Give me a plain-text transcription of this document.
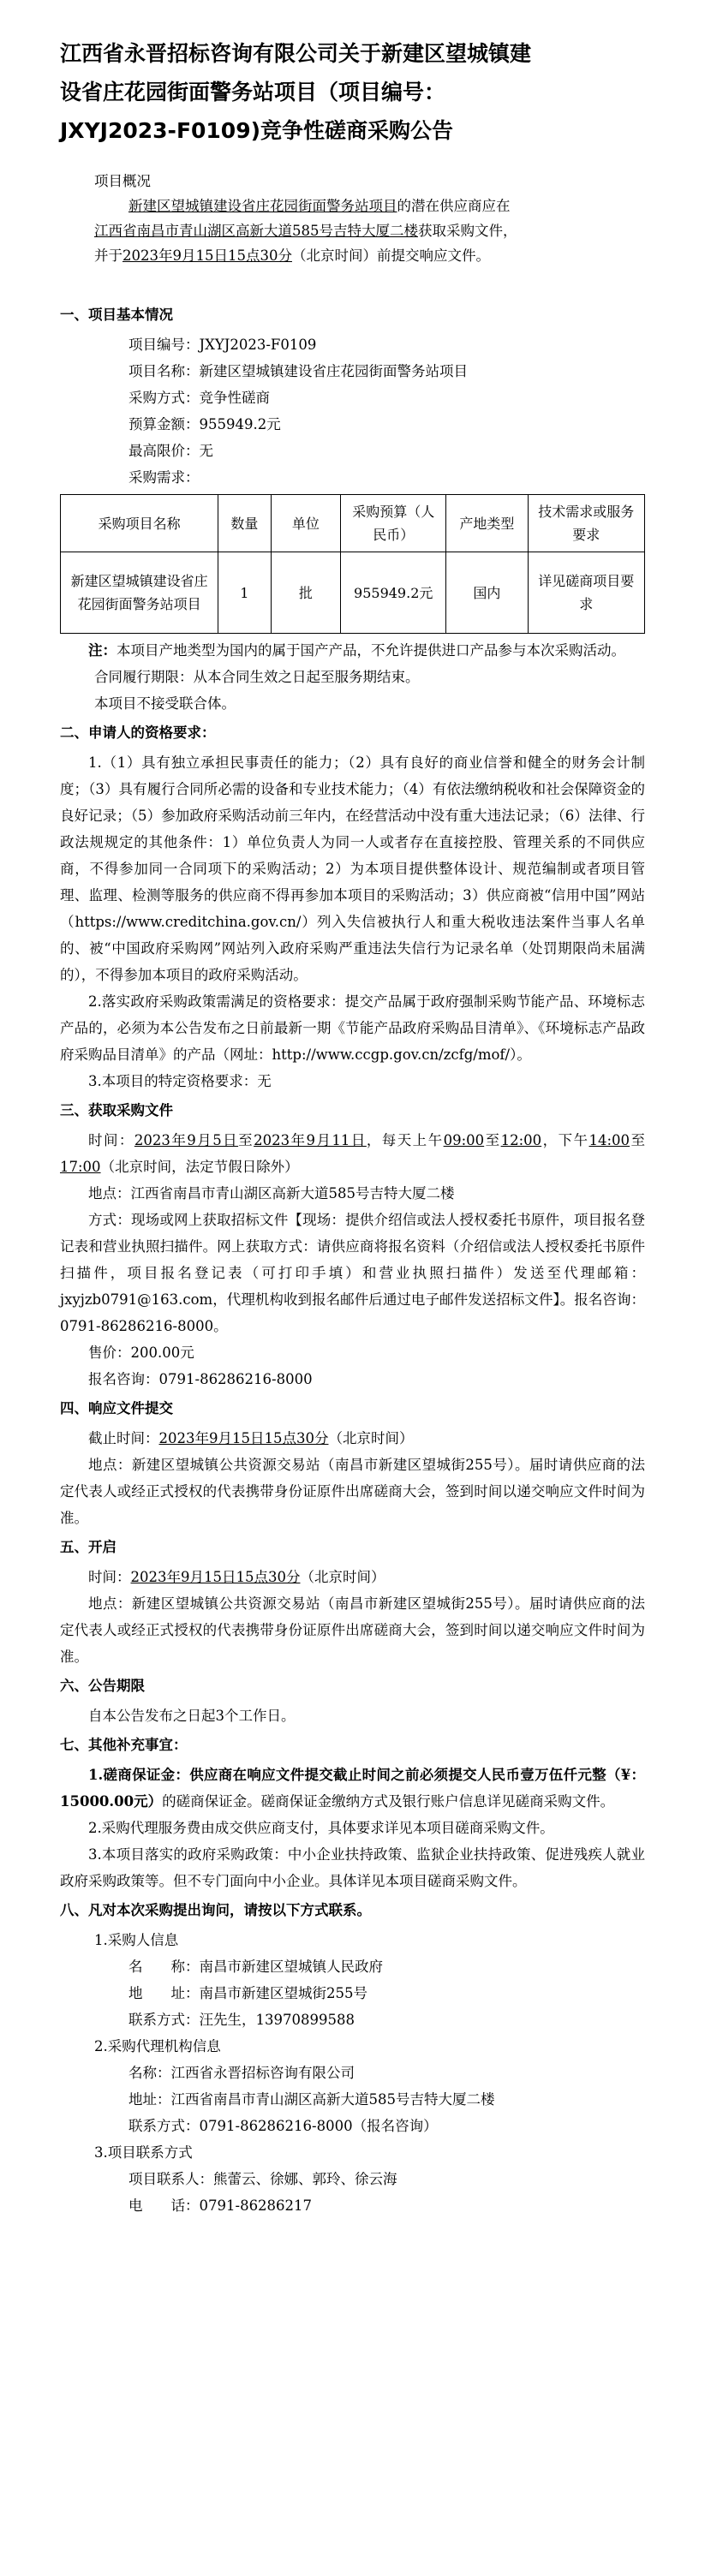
江西省永晋招标咨询有限公司关于新建区望城镇建
设省庄花园街面警务站项目（项目编号：
JXYJ2023-F0109)竞争性磋商采购公告
项目概况
新建区望城镇建设省庄花园街面警务站项目的潜在供应商应在
江西省南昌市青山湖区高新大道585号吉特大厦二楼获取采购文件，
并于2023年9月15日15点30分（北京时间）前提交响应文件。
一、项目基本情况
项目编号：JXYJ2023-F0109
项目名称：新建区望城镇建设省庄花园街面警务站项目
采购方式：竞争性磋商
预算金额：955949.2元
最高限价：无
采购需求：
采购项目名称	数量	单位	采购预算（人民币）	产地类型	技术需求或服务要求
新建区望城镇建设省庄花园街面警务站项目	1	批	955949.2元	国内	详见磋商项目要求
注：本项目产地类型为国内的属于国产产品，不允许提供进口产品参与本次采购活动。
合同履行期限：从本合同生效之日起至服务期结束。
本项目不接受联合体。
二、申请人的资格要求：
1.（1）具有独立承担民事责任的能力；（2）具有良好的商业信誉和健全的财务会计制度；（3）具有履行合同所必需的设备和专业技术能力；（4）有依法缴纳税收和社会保障资金的良好记录；（5）参加政府采购活动前三年内，在经营活动中没有重大违法记录；（6）法律、行政法规规定的其他条件：1）单位负责人为同一人或者存在直接控股、管理关系的不同供应商，不得参加同一合同项下的采购活动；2）为本项目提供整体设计、规范编制或者项目管理、监理、检测等服务的供应商不得再参加本项目的采购活动；3）供应商被“信用中国”网站（https://www.creditchina.gov.cn/）列入失信被执行人和重大税收违法案件当事人名单的、被“中国政府采购网”网站列入政府采购严重违法失信行为记录名单（处罚期限尚未届满的），不得参加本项目的政府采购活动。
2.落实政府采购政策需满足的资格要求：提交产品属于政府强制采购节能产品、环境标志产品的，必须为本公告发布之日前最新一期《节能产品政府采购品目清单》、《环境标志产品政府采购品目清单》的产品（网址：http://www.ccgp.gov.cn/zcfg/mof/）。
3.本项目的特定资格要求：无
三、获取采购文件
时间：2023年9月5日至2023年9月11日，每天上午09:00至12:00，下午14:00至17:00（北京时间，法定节假日除外）
地点：江西省南昌市青山湖区高新大道585号吉特大厦二楼
方式：现场或网上获取招标文件【现场：提供介绍信或法人授权委托书原件，项目报名登记表和营业执照扫描件。网上获取方式：请供应商将报名资料（介绍信或法人授权委托书原件扫描件，项目报名登记表（可打印手填）和营业执照扫描件）发送至代理邮箱：jxyjzb0791@163.com，代理机构收到报名邮件后通过电子邮件发送招标文件】。报名咨询：0791-86286216-8000。
售价：200.00元
报名咨询：0791-86286216-8000
四、响应文件提交
截止时间：2023年9月15日15点30分（北京时间）
地点：新建区望城镇公共资源交易站（南昌市新建区望城街255号）。届时请供应商的法定代表人或经正式授权的代表携带身份证原件出席磋商大会，签到时间以递交响应文件时间为准。
五、开启
时间：2023年9月15日15点30分（北京时间）
地点：新建区望城镇公共资源交易站（南昌市新建区望城街255号）。届时请供应商的法定代表人或经正式授权的代表携带身份证原件出席磋商大会，签到时间以递交响应文件时间为准。
六、公告期限
自本公告发布之日起3个工作日。
七、其他补充事宜：
1.磋商保证金：供应商在响应文件提交截止时间之前必须提交人民币壹万伍仟元整（¥：15000.00元）的磋商保证金。磋商保证金缴纳方式及银行账户信息详见磋商采购文件。
2.采购代理服务费由成交供应商支付，具体要求详见本项目磋商采购文件。
3.本项目落实的政府采购政策：中小企业扶持政策、监狱企业扶持政策、促进残疾人就业政府采购政策等。但不专门面向中小企业。具体详见本项目磋商采购文件。
八、凡对本次采购提出询问，请按以下方式联系。
1.采购人信息
名　　称：南昌市新建区望城镇人民政府
地　　址：南昌市新建区望城街255号
联系方式：汪先生，13970899588
2.采购代理机构信息
名称：江西省永晋招标咨询有限公司
地址：江西省南昌市青山湖区高新大道585号吉特大厦二楼
联系方式：0791-86286216-8000（报名咨询）
3.项目联系方式
项目联系人：熊蕾云、徐娜、郭玲、徐云海
电　　话：0791-86286217
